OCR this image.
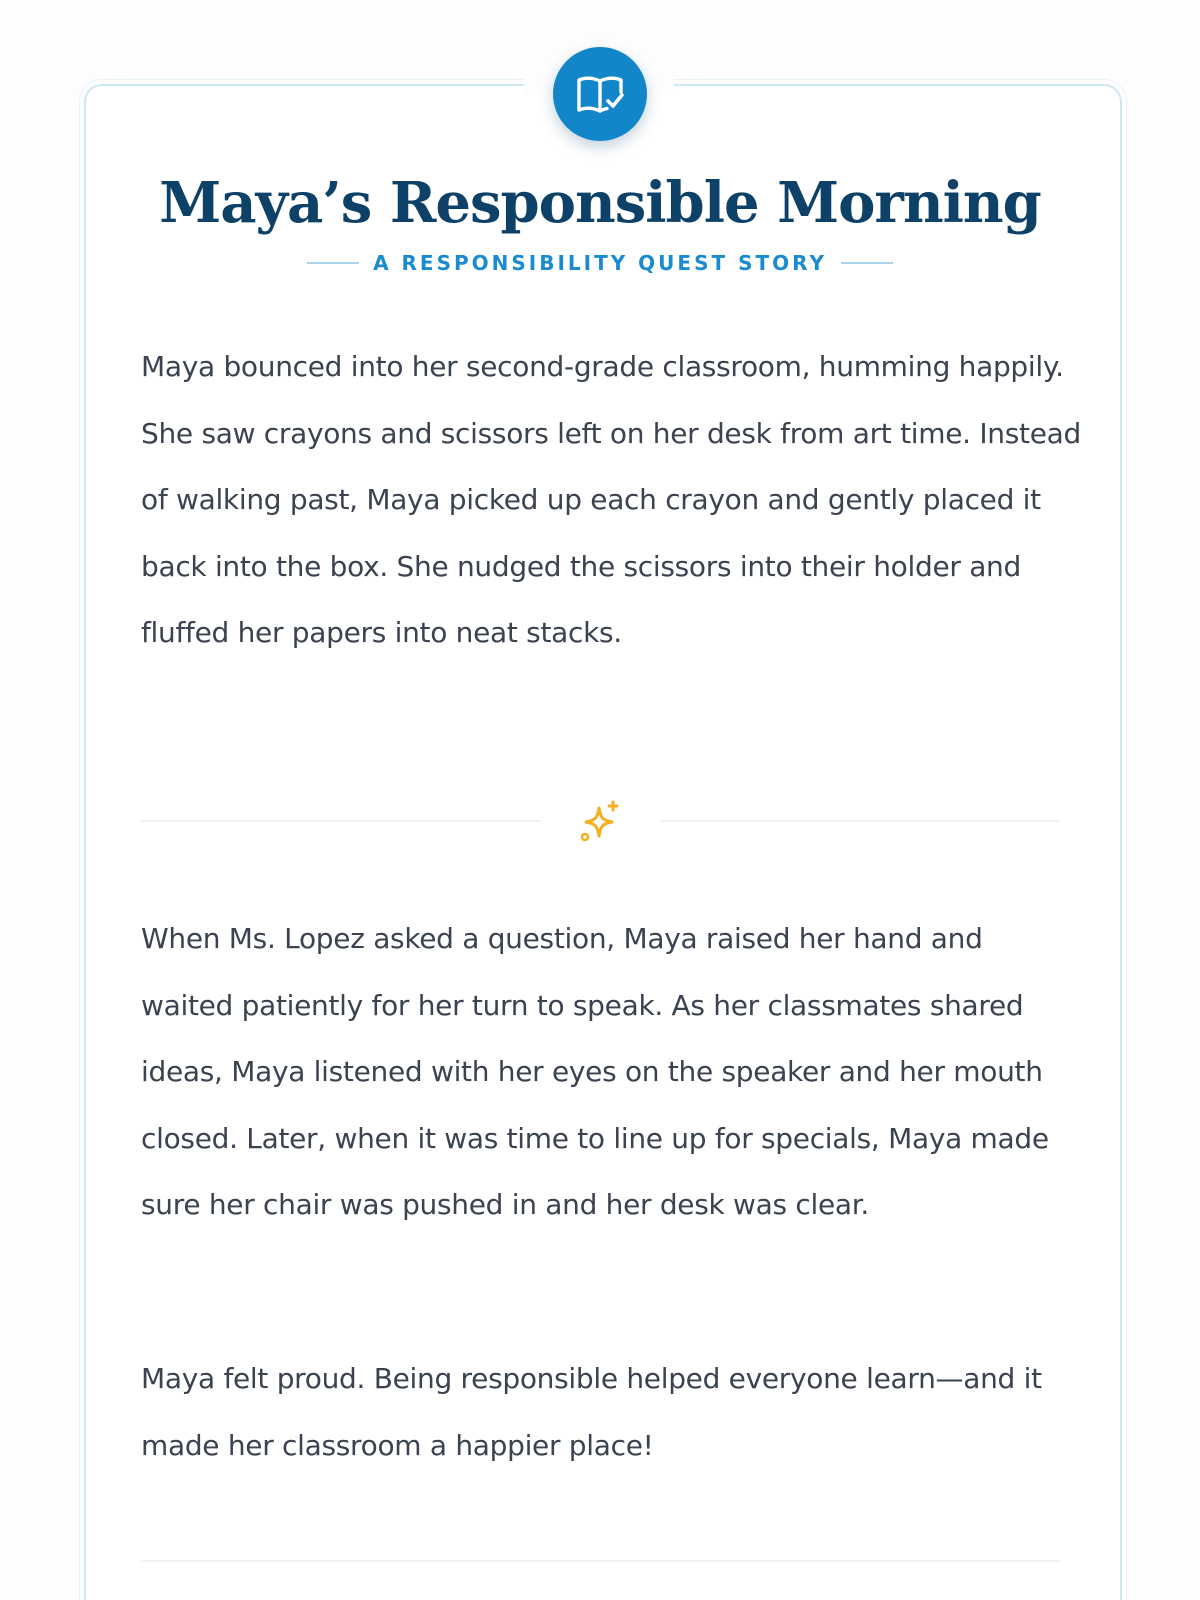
Maya’s Responsible Morning
A RESPONSIBILITY QUEST STORY

Maya bounced into her second-grade classroom, humming happily. She saw crayons and scissors left on her desk from art time. Instead of walking past, Maya picked up each crayon and gently placed it back into the box. She nudged the scissors into their holder and fluffed her papers into neat stacks.

When Ms. Lopez asked a question, Maya raised her hand and waited patiently for her turn to speak. As her classmates shared ideas, Maya listened with her eyes on the speaker and her mouth closed. Later, when it was time to line up for specials, Maya made sure her chair was pushed in and her desk was clear.

Maya felt proud. Being responsible helped everyone learn—and it made her classroom a happier place!
